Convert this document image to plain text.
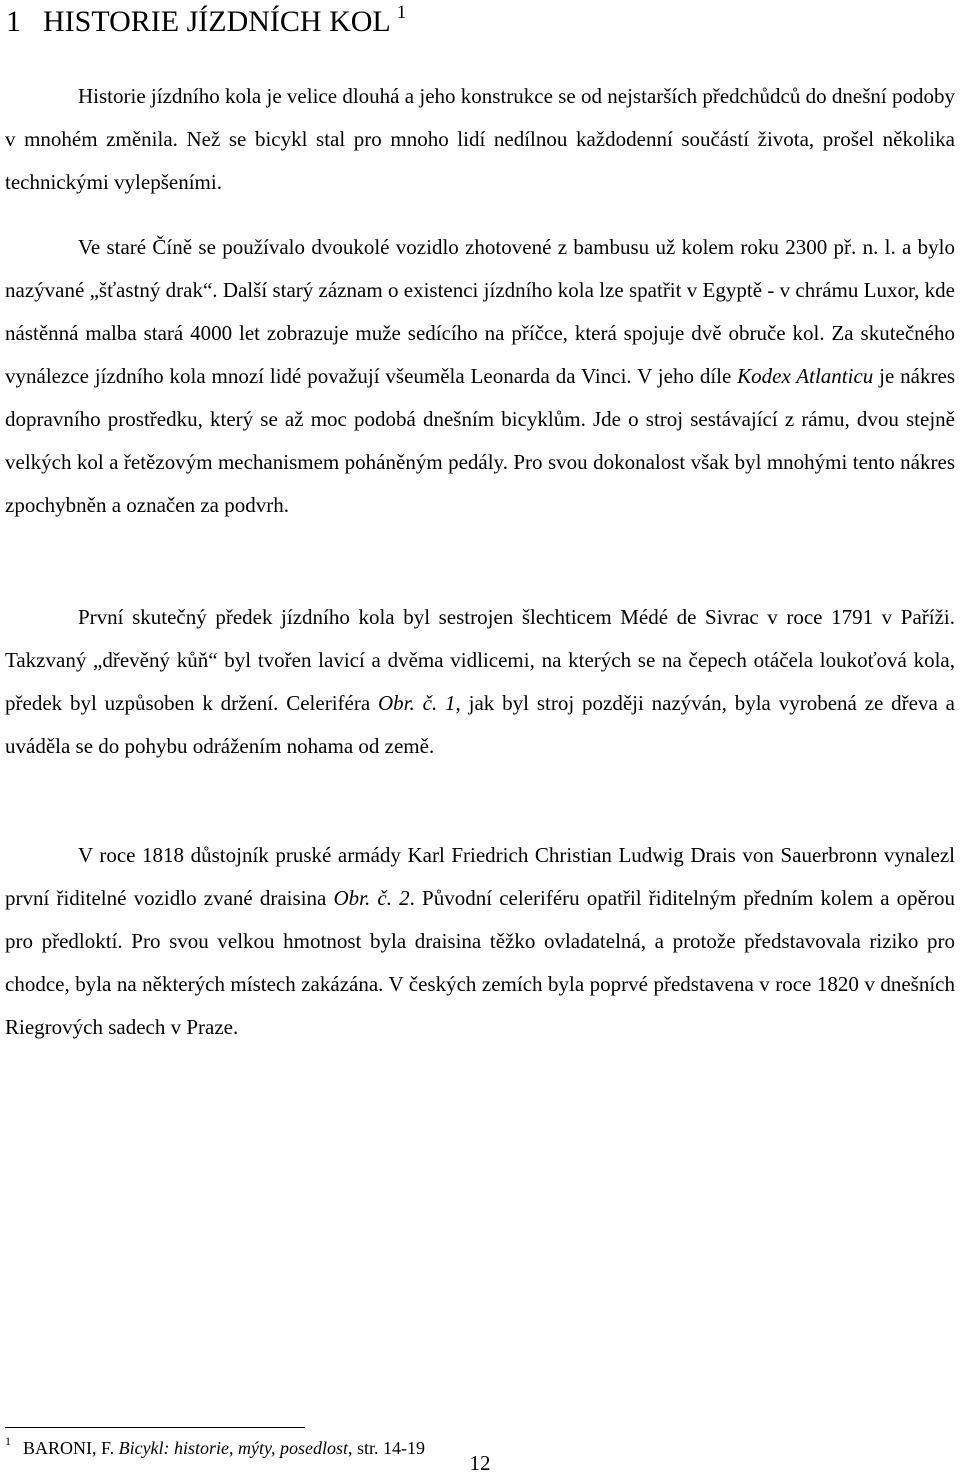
1 HISTORIE JÍZDNÍCH KOL $^1$

Historie jízdního kola je velice dlouhá a jeho konstrukce se od nejstarších předchůdců do dnešní podoby v mnohém změnila. Než se bicykl stal pro mnoho lidí nedílnou každodenní součástí života, prošel několika technickými vylepšeními.

Ve staré Číně se používalo dvoukolé vozidlo zhotovené z bambusu už kolem roku 2300 př. n. l. a bylo nazývané „šťastný drak“. Další starý záznam o existenci jízdního kola lze spatřit v Egyptě - v chrámu Luxor, kde nástěnná malba stará 4000 let zobrazuje muže sedícího na příčce, která spojuje dvě obruče kol. Za skutečného vynálezce jízdního kola mnozí lidé považují všeuměla Leonarda da Vinci. V jeho díle Kodex Atlanticu je nákres dopravního prostředku, který se až moc podobá dnešním bicyklům. Jde o stroj sestávající z rámu, dvou stejně velkých kol a řetězovým mechanismem poháněným pedály. Pro svou dokonalost však byl mnohými tento nákres zpochybněn a označen za podvrh.

První skutečný předek jízdního kola byl sestrojen šlechticem Médé de Sivrac v roce 1791 v Paříži. Takzvaný „dřevěný kůň“ byl tvořen lavicí a dvěma vidlicemi, na kterých se na čepech otáčela loukoťová kola, předek byl uzpůsoben k držení. Celeriféra Obr. č. 1, jak byl stroj později nazýván, byla vyrobená ze dřeva a uváděla se do pohybu odrážením nohama od země.

V roce 1818 důstojník pruské armády Karl Friedrich Christian Ludwig Drais von Sauerbronn vynalezl první řiditelné vozidlo zvané draisina Obr. č. 2. Původní celeriféru opatřil řiditelným předním kolem a opěrou pro předloktí. Pro svou velkou hmotnost byla draisina těžko ovladatelná, a protože představovala riziko pro chodce, byla na některých místech zakázána. V českých zemích byla poprvé představena v roce 1820 v dnešních Riegrových sadech v Praze.

$^1$ BARONI, F. Bicykl: historie, mýty, posedlost, str. 14-19
12
